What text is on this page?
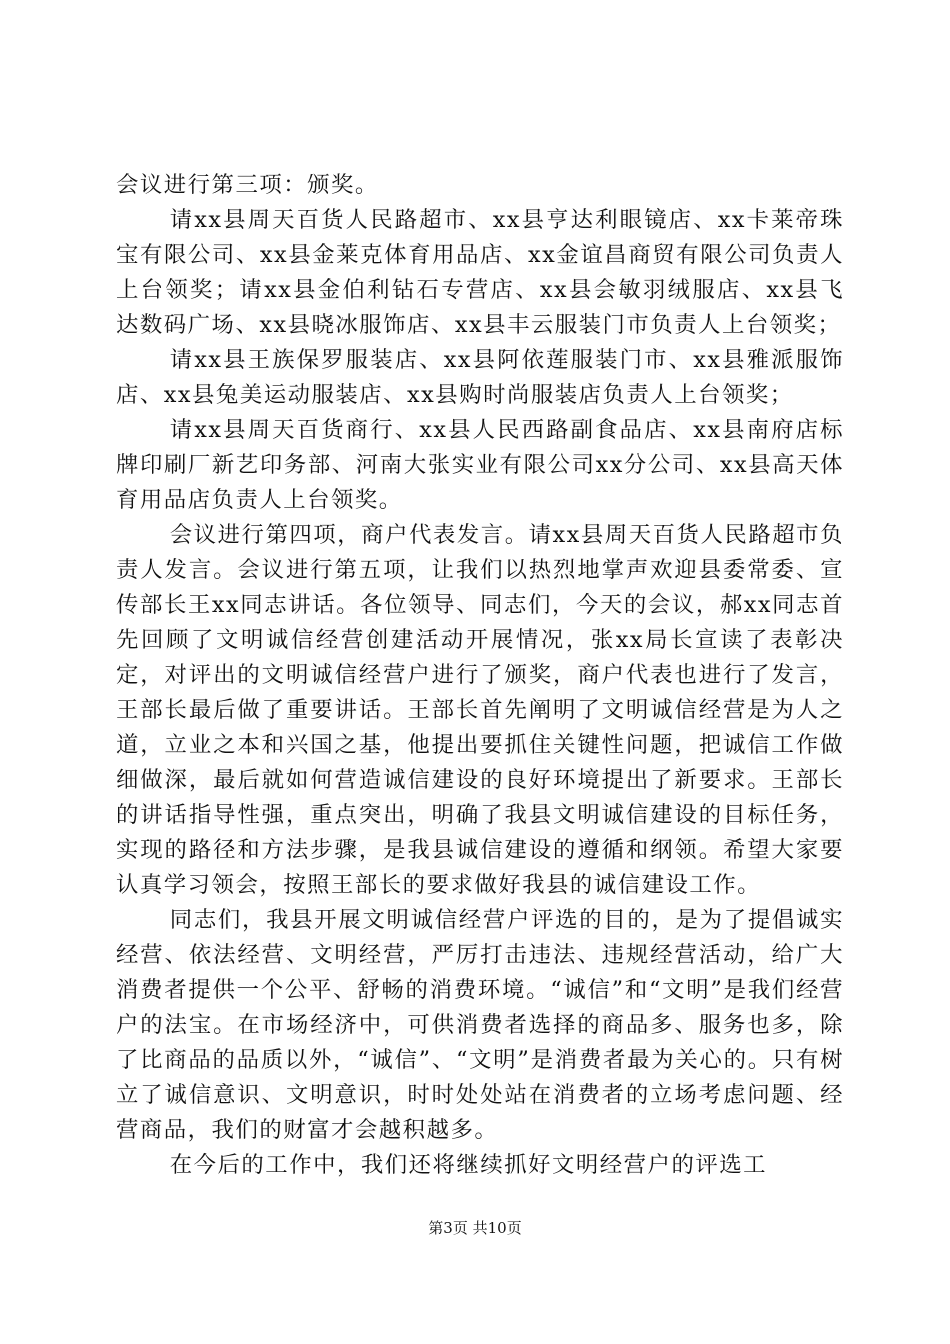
会议进行第三项：颁奖。

请xx县周天百货人民路超市、xx县亨达利眼镜店、xx卡莱帝珠宝有限公司、xx县金莱克体育用品店、xx金谊昌商贸有限公司负责人上台领奖；请xx县金伯利钻石专营店、xx县会敏羽绒服店、xx县飞达数码广场、xx县晓冰服饰店、xx县丰云服装门市负责人上台领奖；

请xx县王族保罗服装店、xx县阿依莲服装门市、xx县雅派服饰店、xx县兔美运动服装店、xx县购时尚服装店负责人上台领奖；

请xx县周天百货商行、xx县人民西路副食品店、xx县南府店标牌印刷厂新艺印务部、河南大张实业有限公司xx分公司、xx县高天体育用品店负责人上台领奖。

会议进行第四项，商户代表发言。请xx县周天百货人民路超市负责人发言。会议进行第五项，让我们以热烈地掌声欢迎县委常委、宣传部长王xx同志讲话。各位领导、同志们，今天的会议，郝xx同志首先回顾了文明诚信经营创建活动开展情况，张xx局长宣读了表彰决定，对评出的文明诚信经营户进行了颁奖，商户代表也进行了发言，王部长最后做了重要讲话。王部长首先阐明了文明诚信经营是为人之道，立业之本和兴国之基，他提出要抓住关键性问题，把诚信工作做细做深，最后就如何营造诚信建设的良好环境提出了新要求。王部长的讲话指导性强，重点突出，明确了我县文明诚信建设的目标任务，实现的路径和方法步骤，是我县诚信建设的遵循和纲领。希望大家要认真学习领会，按照王部长的要求做好我县的诚信建设工作。

同志们，我县开展文明诚信经营户评选的目的，是为了提倡诚实经营、依法经营、文明经营，严厉打击违法、违规经营活动，给广大消费者提供一个公平、舒畅的消费环境。“诚信”和“文明”是我们经营户的法宝。在市场经济中，可供消费者选择的商品多、服务也多，除了比商品的品质以外，“诚信”、“文明”是消费者最为关心的。只有树立了诚信意识、文明意识，时时处处站在消费者的立场考虑问题、经营商品，我们的财富才会越积越多。

在今后的工作中，我们还将继续抓好文明经营户的评选工

第3页 共10页
